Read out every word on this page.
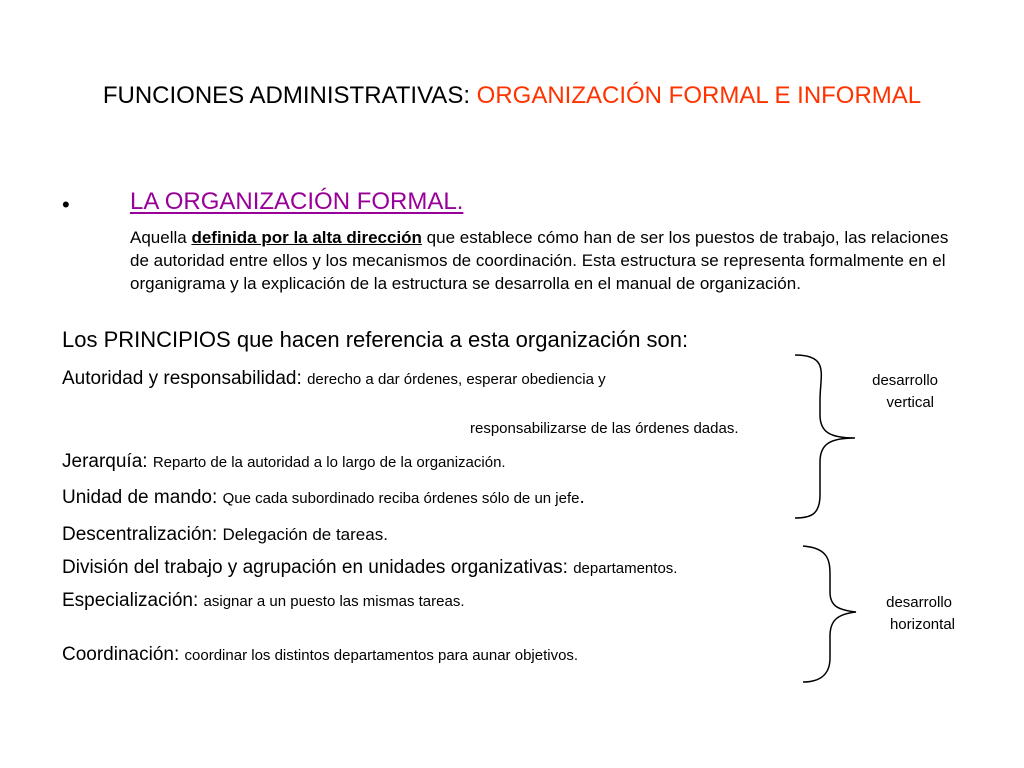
FUNCIONES ADMINISTRATIVAS: ORGANIZACIÓN FORMAL E INFORMAL
•	LA ORGANIZACIÓN FORMAL.
Aquella definida por la alta dirección que establece cómo han de ser los puestos de trabajo, las relaciones de autoridad entre ellos y los mecanismos de coordinación. Esta estructura se representa formalmente en el organigrama y la explicación de la estructura se desarrolla en el manual de organización.
Los PRINCIPIOS que hacen referencia a esta organización son:
Autoridad y responsabilidad: derecho a dar órdenes, esperar obediencia y
responsabilizarse de las órdenes dadas.
Jerarquía: Reparto de la autoridad a lo largo de la organización.
Unidad de mando: Que cada subordinado reciba órdenes sólo de un jefe.
Descentralización: Delegación de tareas.
División del trabajo y agrupación en unidades organizativas: departamentos.
Especialización: asignar a un puesto las mismas tareas.
Coordinación: coordinar los distintos departamentos para aunar objetivos.
desarrollo
vertical
desarrollo
horizontal
